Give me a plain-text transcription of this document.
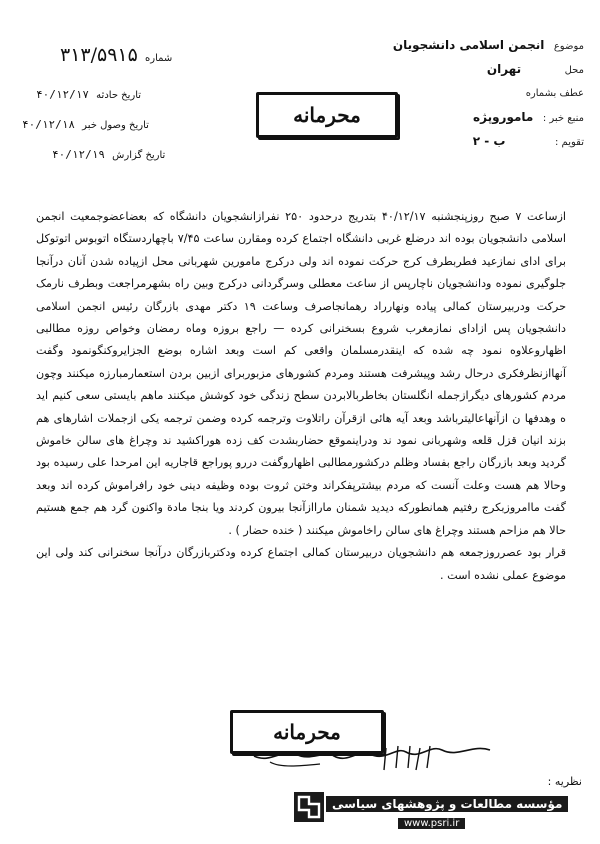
موضوع انجمن اسلامی دانشجویان
محل تهران
عطف بشماره
منبع خبر : ماموروپژه
تقویم : ب - ۲
شماره ۳۱۳/۵۹۱۵
تاریخ حادثه ۴۰/۱۲/۱۷
تاریخ وصول خبر ۴۰/۱۲/۱۸
تاریخ گزارش ۴۰/۱۲/۱۹
محرمانه

ازساعت ۷ صبح روزپنجشنبه ۴۰/۱۲/۱۷ بتدریج درحدود ۲۵۰ نفرازانشجویان دانشگاه که بعضاعضوجمعیت انجمن اسلامی دانشجویان بوده اند درضلع غربی دانشگاه اجتماع کرده ومقارن ساعت ۷/۴۵ باچهاردستگاه اتوبوس اتوتوکل برای ادای نمازعید فطربطرف کرج حرکت نموده اند ولی درکرج مامورین شهربانی محل ازپیاده شدن آنان درآنجا جلوگیری نموده ودانشجویان ناچارپس از ساعت معطلی وسرگردانی درکرج وبین راه بشهرمراجعت وبطرف نارمک حرکت ودربیرستان کمالی پیاده ونهارراد رهمانجاصرف وساعت ۱۹ دکتر مهدی بازرگان رئیس انجمن اسلامی دانشجویان پس ازادای نمازمغرب شروع بسخنرانی کرده — راجع بروزه وماه رمضان وخواص روزه مطالبی اظهاروعلاوه نمود چه شده که اینقدرمسلمان واقعی کم است وبعد اشاره بوضع الجزایروکنگونمود وگفت آنهاازنظرفکری درحال رشد وپیشرفت هستند ومردم کشورهای مزبوربرای ازبین بردن استعمارمبارزه میکنند وچون مردم کشورهای دیگرازجمله انگلستان بخاطربالابردن سطح زندگی خود کوشش میکنند ماهم بایستی سعی کنیم اید ه وهدفها ن ازآنهاعالیترباشد وبعد آیه هائی ازقرآن راتلاوت وترجمه کرده وضمن ترجمه یکی ازجملات اشارهای هم بزند انیان قزل قلعه وشهربانی نمود ند ودراینموقع حضاربشدت کف زده هوراکشید ند وچراغ های سالن خاموش گردید وبعد بازرگان راجع بفساد وظلم درکشورمطالبی اظهاروگفت دررو پوراجع قاجاریه این امرحدا علی رسیده بود وحالا هم هست وعلت آنست که مردم بیشترپفکراند وختن ثروت بوده وظیفه دینی خود رافراموش کرده اند وبعد گفت ماامروزبکرج رفتیم همانطورکه دیدید شمنان ماراازآنجا بیرون کردند ویا بنجا مادة واکنون گرد هم جمع هستیم حالا هم مزاحم هستند وچراغ های سالن راخاموش میکنند ( خنده حضار ) .

قرار بود عصرروزجمعه هم دانشجویان دربیرستان کمالی اجتماع کرده ودکتربازرگان درآنجا سخنرانی کند ولی این موضوع عملی نشده است .

محرمانه
نظریه :
مؤسسه مطالعات و پژوهشهای سیاسی
www.psri.ir
